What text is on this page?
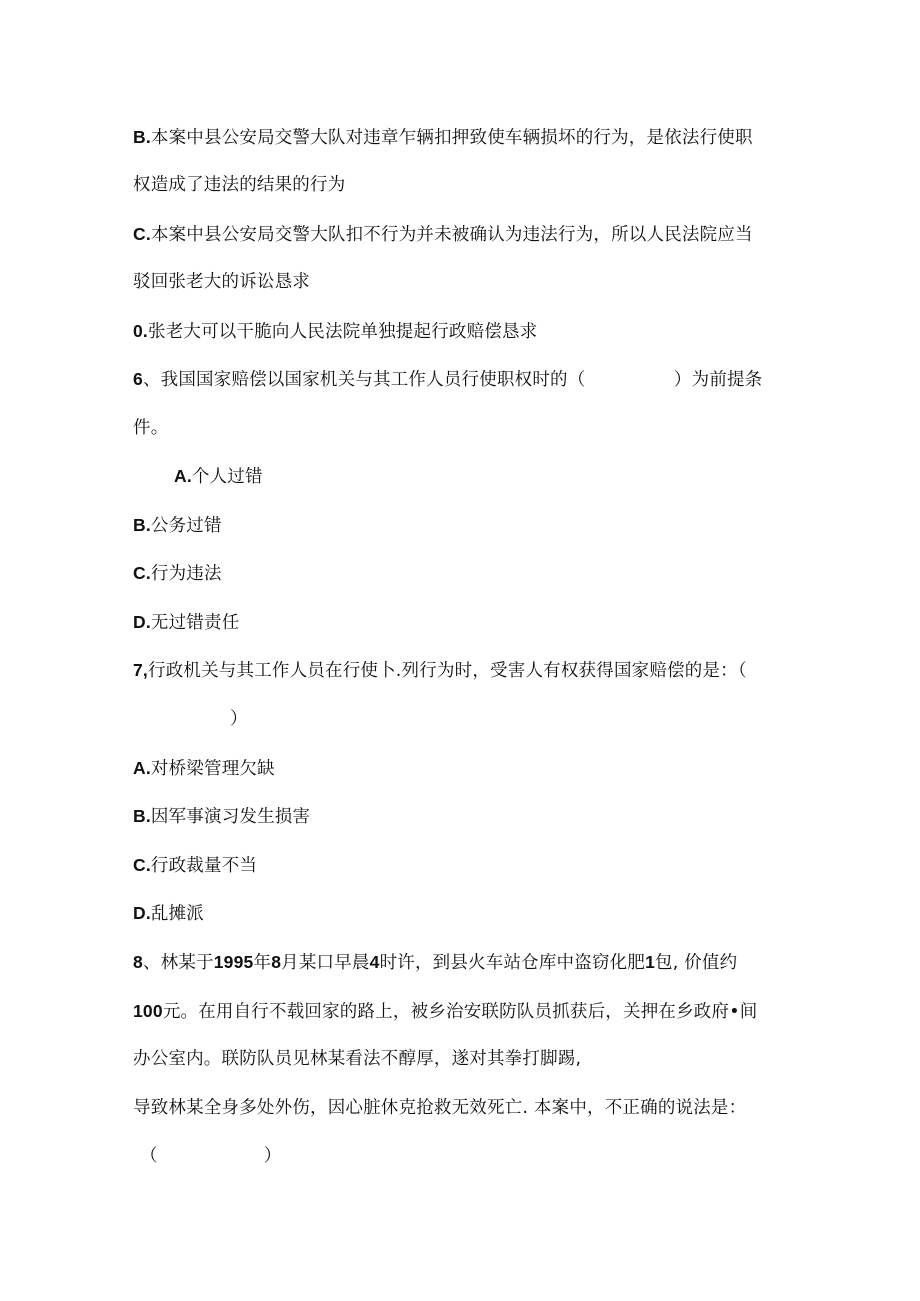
B.本案中县公安局交警大队对违章乍辆扣押致使车辆损坏的行为，是依法行使职
权造成了违法的结果的行为
C.本案中县公安局交警大队扣不行为并未被确认为违法行为，所以人民法院应当
驳回张老大的诉讼恳求
0.张老大可以干脆向人民法院单独提起行政赔偿恳求
6、我国国家赔偿以国家机关与其工作人员行使职权时的（　　　　　）为前提条
件。
A.个人过错
B.公务过错
C.行为违法
D.无过错责任
7,行政机关与其工作人员在行使卜.列行为时，受害人有权获得国家赔偿的是：（
）
A.对桥梁管理欠缺
B.因军事演习发生损害
C.行政裁量不当
D.乱摊派
8、林某于1995年8月某口早晨4时许，到县火车站仓库中盗窃化肥1包, 价值约
100元。在用自行不载回家的路上，被乡治安联防队员抓获后，关押在乡政府•间
办公室内。联防队员见林某看法不醇厚，遂对其拳打脚踢,
导致林某全身多处外伤，因心脏休克抢救无效死亡. 本案中，不正确的说法是：
（　　　　　　）
